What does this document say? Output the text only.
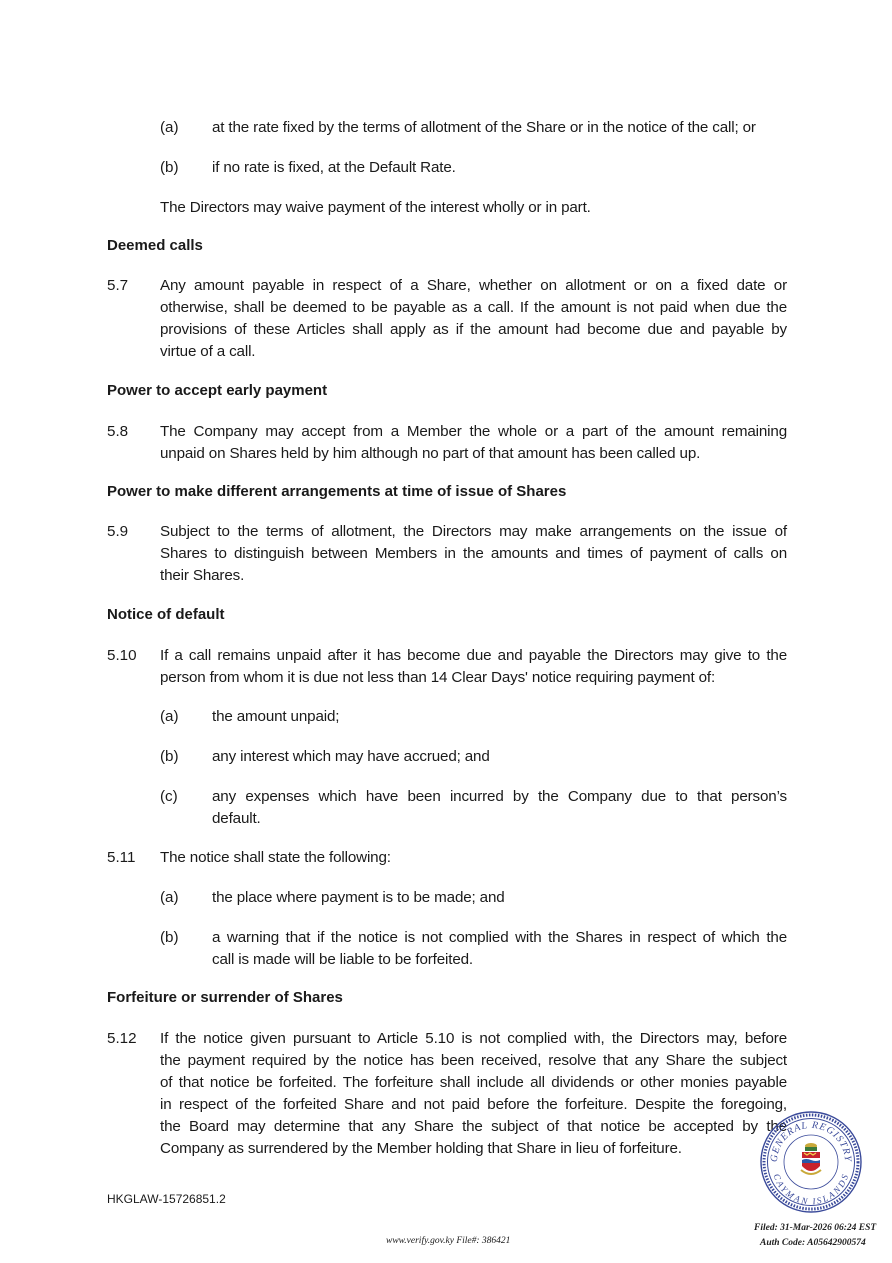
(a) at the rate fixed by the terms of allotment of the Share or in the notice of the call; or
(b) if no rate is fixed, at the Default Rate.
The Directors may waive payment of the interest wholly or in part.
Deemed calls
5.7 Any amount payable in respect of a Share, whether on allotment or on a fixed date or
otherwise, shall be deemed to be payable as a call. If the amount is not paid when due the
provisions of these Articles shall apply as if the amount had become due and payable by
virtue of a call.
Power to accept early payment
5.8 The Company may accept from a Member the whole or a part of the amount remaining
unpaid on Shares held by him although no part of that amount has been called up.
Power to make different arrangements at time of issue of Shares
5.9 Subject to the terms of allotment, the Directors may make arrangements on the issue of
Shares to distinguish between Members in the amounts and times of payment of calls on
their Shares.
Notice of default
5.10 If a call remains unpaid after it has become due and payable the Directors may give to the
person from whom it is due not less than 14 Clear Days' notice requiring payment of:
(a) the amount unpaid;
(b) any interest which may have accrued; and
(c) any expenses which have been incurred by the Company due to that person’s
default.
5.11 The notice shall state the following:
(a) the place where payment is to be made; and
(b) a warning that if the notice is not complied with the Shares in respect of which the
call is made will be liable to be forfeited.
Forfeiture or surrender of Shares
5.12 If the notice given pursuant to Article 5.10 is not complied with, the Directors may, before
the payment required by the notice has been received, resolve that any Share the subject
of that notice be forfeited. The forfeiture shall include all dividends or other monies payable
in respect of the forfeited Share and not paid before the forfeiture. Despite the foregoing,
the Board may determine that any Share the subject of that notice be accepted by the
Company as surrendered by the Member holding that Share in lieu of forfeiture.
GENERAL REGISTRY
CAYMAN ISLANDS
HKGLAW-15726851.2
www.verify.gov.ky File#: 386421
Filed: 31-Mar-2026 06:24 EST
Auth Code: A05642900574
